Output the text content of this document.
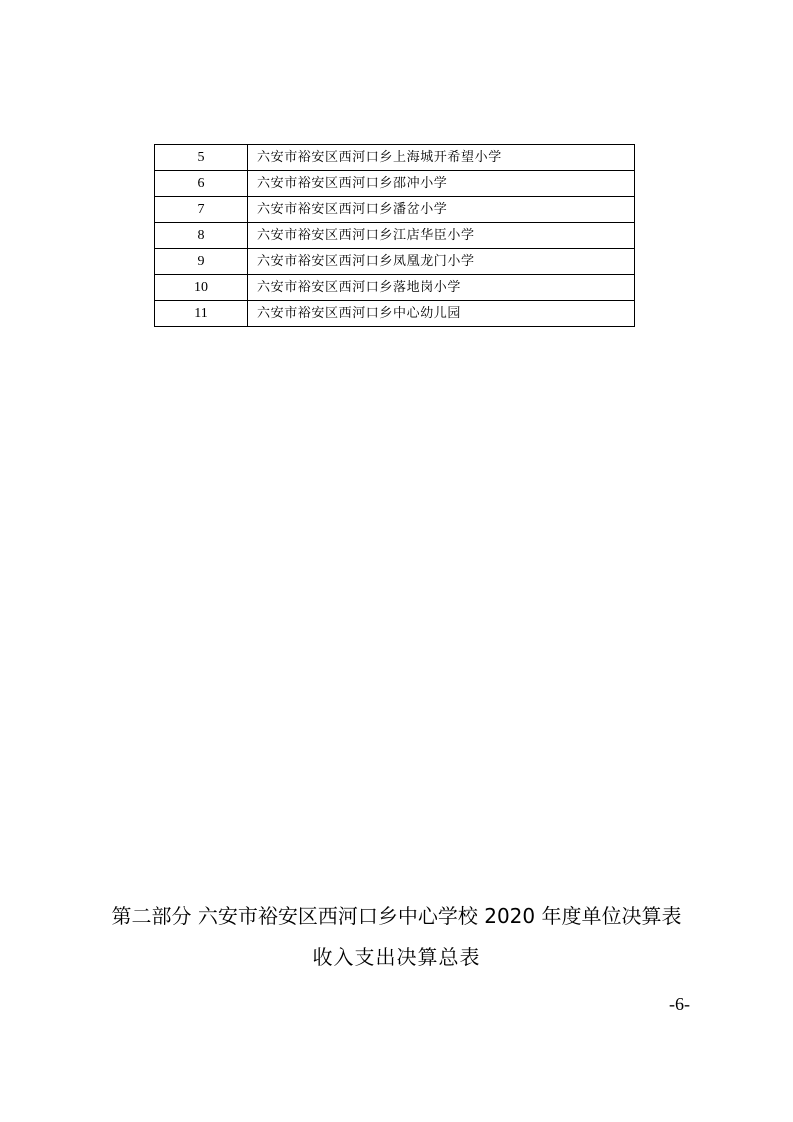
5	六安市裕安区西河口乡上海城开希望小学
6	六安市裕安区西河口乡邵冲小学
7	六安市裕安区西河口乡潘岔小学
8	六安市裕安区西河口乡江店华臣小学
9	六安市裕安区西河口乡凤凰龙门小学
10	六安市裕安区西河口乡落地岗小学
11	六安市裕安区西河口乡中心幼儿园
第二部分 六安市裕安区西河口乡中心学校 2020 年度单位决算表
收入支出决算总表
-6-
